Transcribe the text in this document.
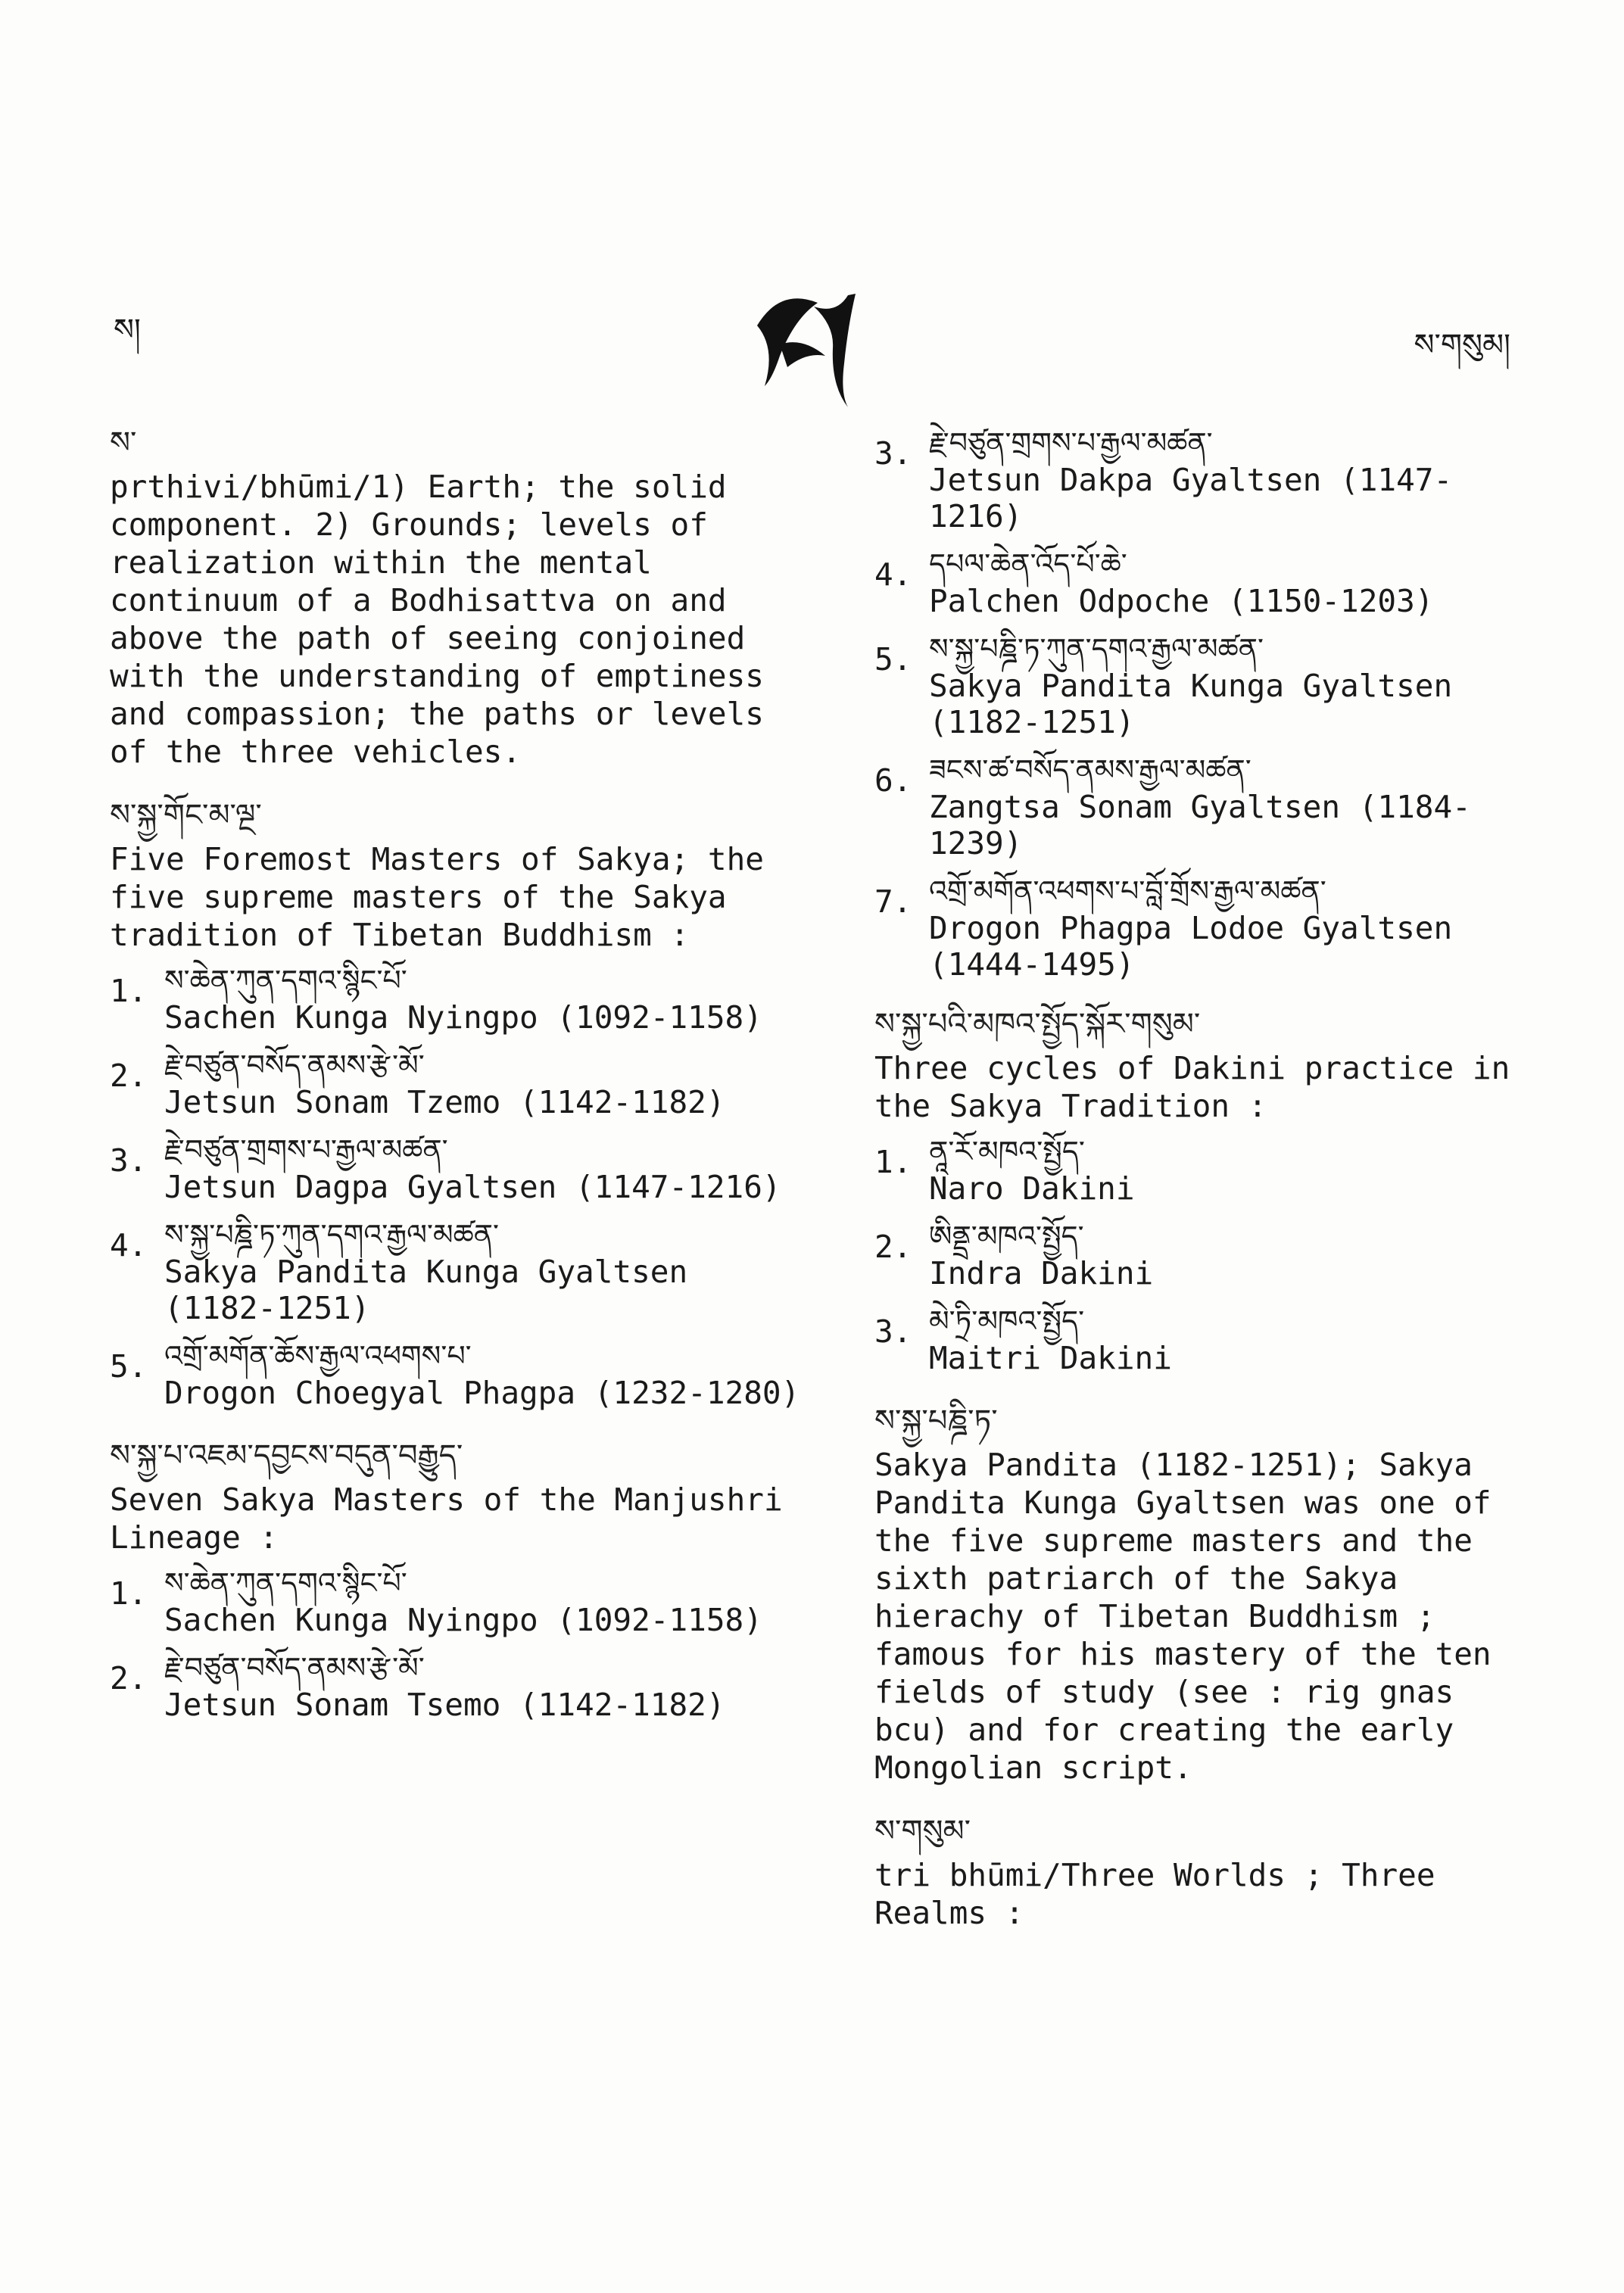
ས།	ས་གསུམ།
ས་
prthivi/bhūmi/1) Earth; the solid component. 2) Grounds; levels of realization within the mental continuum of a Bodhisattva on and above the path of seeing conjoined with the understanding of emptiness and compassion; the paths or levels of the three vehicles.
ས་སྐྱ་གོང་མ་ལྔ་
Five Foremost Masters of Sakya; the five supreme masters of the Sakya tradition of Tibetan Buddhism :
1. ས་ཆེན་ཀུན་དགའ་སྙིང་པོ་
Sachen Kunga Nyingpo (1092-1158)
2. རྗེ་བཙུན་བསོད་ནམས་རྩེ་མོ་
Jetsun Sonam Tzemo (1142-1182)
3. རྗེ་བཙུན་གྲགས་པ་རྒྱལ་མཚན་
Jetsun Dagpa Gyaltsen (1147-1216)
4. ས་སྐྱ་པཎྜི་ཏ་ཀུན་དགའ་རྒྱལ་མཚན་
Sakya Pandita Kunga Gyaltsen (1182-1251)
5. འགྲོ་མགོན་ཆོས་རྒྱལ་འཕགས་པ་
Drogon Choegyal Phagpa (1232-1280)
ས་སྐྱ་པ་འཇམ་དབྱངས་བདུན་བརྒྱུད་
Seven Sakya Masters of the Manjushri Lineage :
1. ས་ཆེན་ཀུན་དགའ་སྙིང་པོ་
Sachen Kunga Nyingpo (1092-1158)
2. རྗེ་བཙུན་བསོད་ནམས་རྩེ་མོ་
Jetsun Sonam Tsemo (1142-1182)
3. རྗེ་བཙུན་གྲགས་པ་རྒྱལ་མཚན་
Jetsun Dakpa Gyaltsen (1147-1216)
4. དཔལ་ཆེན་འོད་པོ་ཆེ་
Palchen Odpoche (1150-1203)
5. ས་སྐྱ་པཎྜི་ཏ་ཀུན་དགའ་རྒྱལ་མཚན་
Sakya Pandita Kunga Gyaltsen (1182-1251)
6. ཟངས་ཚ་བསོད་ནམས་རྒྱལ་མཚན་
Zangtsa Sonam Gyaltsen (1184-1239)
7. འགྲོ་མགོན་འཕགས་པ་བློ་གྲོས་རྒྱལ་མཚན་
Drogon Phagpa Lodoe Gyaltsen (1444-1495)
ས་སྐྱ་པའི་མཁའ་སྤྱོད་སྐོར་གསུམ་
Three cycles of Dakini practice in the Sakya Tradition :
1. ནཱ་རོ་མཁའ་སྤྱོད་
Naro Dakini
2. ཨིནྡྲ་མཁའ་སྤྱོད་
Indra Dakini
3. མེ་ཏྲི་མཁའ་སྤྱོད་
Maitri Dakini
ས་སྐྱ་པཎྜི་ཏ་
Sakya Pandita (1182-1251); Sakya Pandita Kunga Gyaltsen was one of the five supreme masters and the sixth patriarch of the Sakya hierachy of Tibetan Buddhism ; famous for his mastery of the ten fields of study (see : rig gnas bcu) and for creating the early Mongolian script.
ས་གསུམ་
tri bhūmi/Three Worlds ; Three Realms :
